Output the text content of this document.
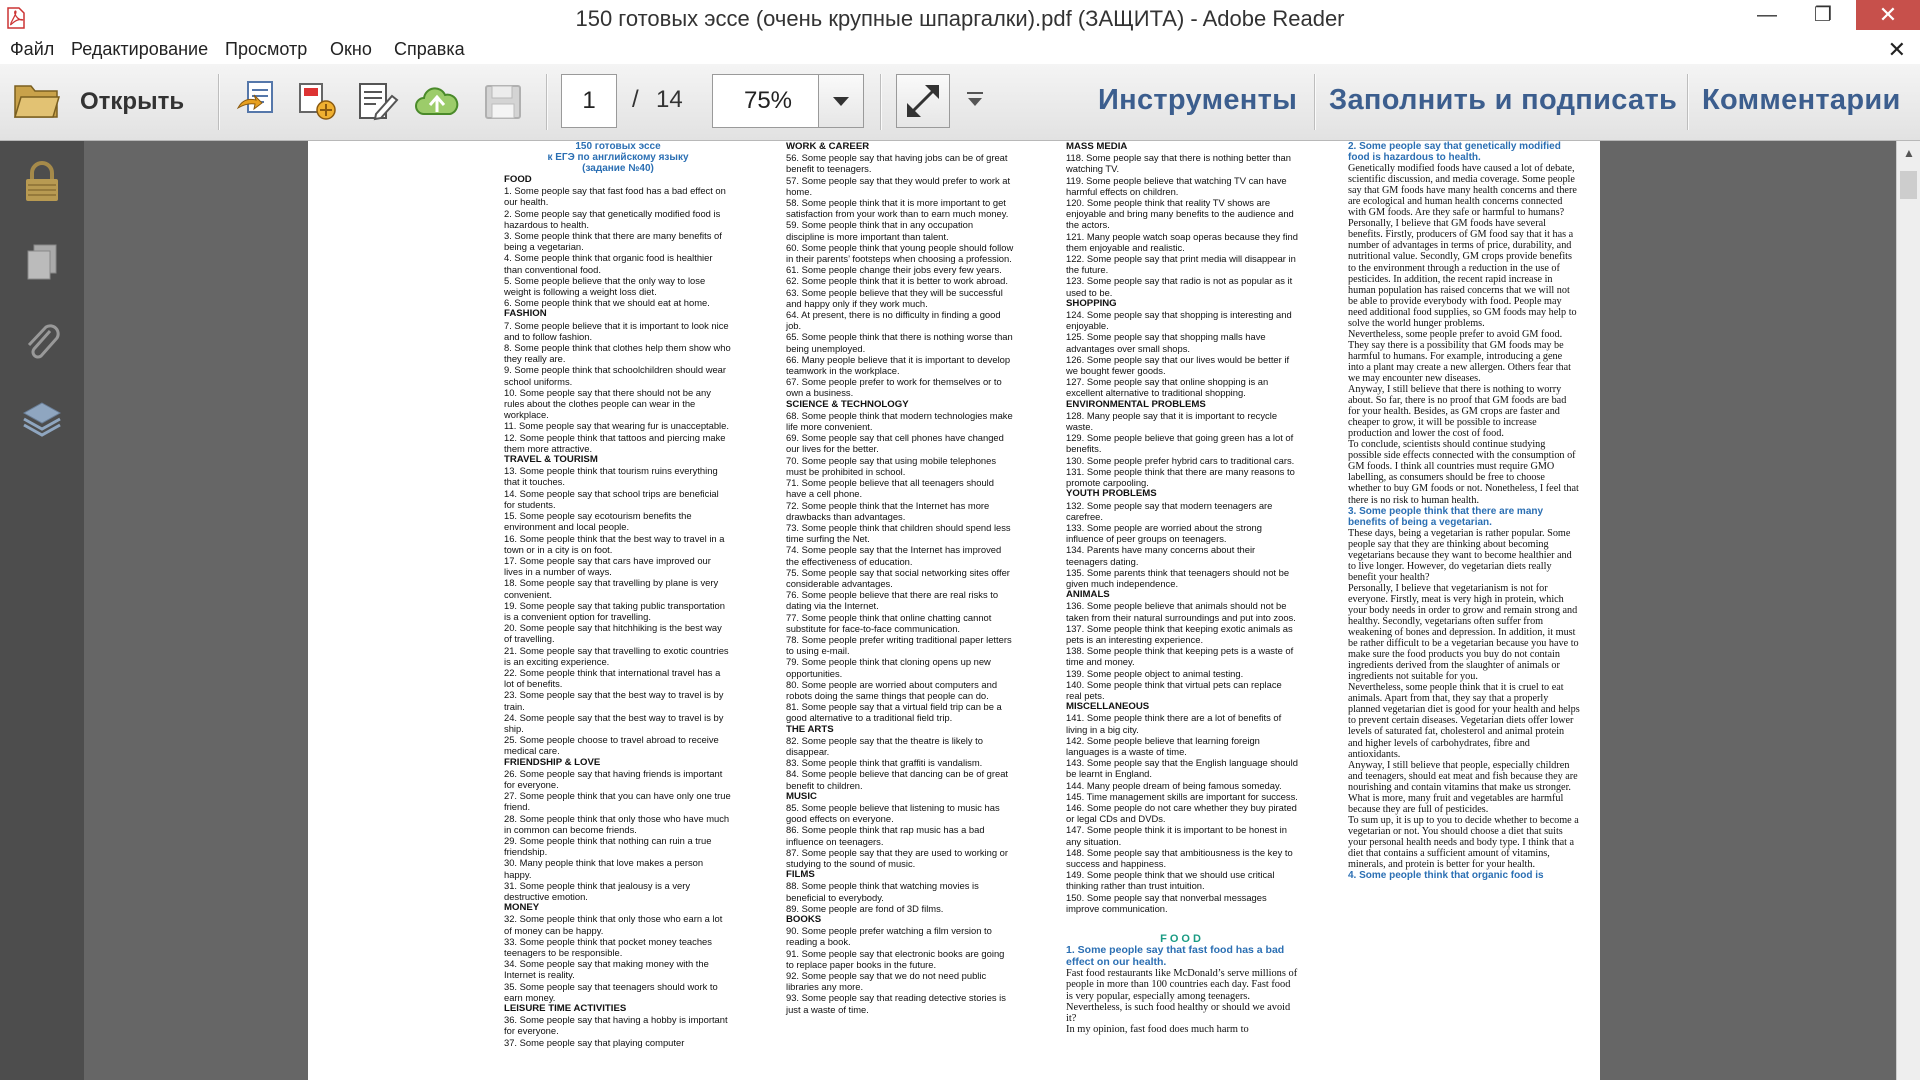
150 готовых эссе (очень крупные шпаргалки).pdf (ЗАЩИТА) - Adobe Reader	—	❐	✕
Файл Редактирование Просмотр Окно Справка	✕
Открыть	1	/ 14	75%	Инструменты Заполнить и подписать Комментарии
150 готовых эссе
к ЕГЭ по английскому языку
(задание №40)
FOOD
1. Some people say that fast food has a bad effect on our health.
2. Some people say that genetically modified food is hazardous to health.
3. Some people think that there are many benefits of being a vegetarian.
4. Some people think that organic food is healthier than conventional food.
5. Some people believe that the only way to lose weight is following a weight loss diet.
6. Some people think that we should eat at home.
FASHION
7. Some people believe that it is important to look nice and to follow fashion.
8. Some people think that clothes help them show who they really are.
9. Some people think that schoolchildren should wear school uniforms.
10. Some people say that there should not be any rules about the clothes people can wear in the workplace.
11. Some people say that wearing fur is unacceptable.
12. Some people think that tattoos and piercing make them more attractive.
TRAVEL & TOURISM
13. Some people think that tourism ruins everything that it touches.
14. Some people say that school trips are beneficial for students.
15. Some people say ecotourism benefits the environment and local people.
16. Some people think that the best way to travel in a town or in a city is on foot.
17. Some people say that cars have improved our lives in a number of ways.
18. Some people say that travelling by plane is very convenient.
19. Some people say that taking public transportation is a convenient option for travelling.
20. Some people say that hitchhiking is the best way of travelling.
21. Some people say that travelling to exotic countries is an exciting experience.
22. Some people think that international travel has a lot of benefits.
23. Some people say that the best way to travel is by train.
24. Some people say that the best way to travel is by ship.
25. Some people choose to travel abroad to receive medical care.
FRIENDSHIP & LOVE
26. Some people say that having friends is important for everyone.
27. Some people think that you can have only one true friend.
28. Some people think that only those who have much in common can become friends.
29. Some people think that nothing can ruin a true friendship.
30. Many people think that love makes a person happy.
31. Some people think that jealousy is a very destructive emotion.
MONEY
32. Some people think that only those who earn a lot of money can be happy.
33. Some people think that pocket money teaches teenagers to be responsible.
34. Some people say that making money with the Internet is reality.
35. Some people say that teenagers should work to earn money.
LEISURE TIME ACTIVITIES
36. Some people say that having a hobby is important for everyone.
37. Some people say that playing computer
WORK & CAREER
56. Some people say that having jobs can be of great benefit to teenagers.
57. Some people say that they would prefer to work at home.
58. Some people think that it is more important to get satisfaction from your work than to earn much money.
59. Some people think that in any occupation discipline is more important than talent.
60. Some people think that young people should follow in their parents’ footsteps when choosing a profession.
61. Some people change their jobs every few years.
62. Some people think that it is better to work abroad.
63. Some people believe that they will be successful and happy only if they work much.
64. At present, there is no difficulty in finding a good job.
65. Some people think that there is nothing worse than being unemployed.
66. Many people believe that it is important to develop teamwork in the workplace.
67. Some people prefer to work for themselves or to own a business.
SCIENCE & TECHNOLOGY
68. Some people think that modern technologies make life more convenient.
69. Some people say that cell phones have changed our lives for the better.
70. Some people say that using mobile telephones must be prohibited in school.
71. Some people believe that all teenagers should have a cell phone.
72. Some people think that the Internet has more drawbacks than advantages.
73. Some people think that children should spend less time surfing the Net.
74. Some people say that the Internet has improved the effectiveness of education.
75. Some people say that social networking sites offer considerable advantages.
76. Some people believe that there are real risks to dating via the Internet.
77. Some people think that online chatting cannot substitute for face-to-face communication.
78. Some people prefer writing traditional paper letters to using e-mail.
79. Some people think that cloning opens up new opportunities.
80. Some people are worried about computers and robots doing the same things that people can do.
81. Some people say that a virtual field trip can be a good alternative to a traditional field trip.
THE ARTS
82. Some people say that the theatre is likely to disappear.
83. Some people think that graffiti is vandalism.
84. Some people believe that dancing can be of great benefit to children.
MUSIC
85. Some people believe that listening to music has good effects on everyone.
86. Some people think that rap music has a bad influence on teenagers.
87. Some people say that they are used to working or studying to the sound of music.
FILMS
88. Some people think that watching movies is beneficial to everybody.
89. Some people are fond of 3D films.
BOOKS
90. Some people prefer watching a film version to reading a book.
91. Some people say that electronic books are going to replace paper books in the future.
92. Some people say that we do not need public libraries any more.
93. Some people say that reading detective stories is just a waste of time.
MASS MEDIA
118. Some people say that there is nothing better than watching TV.
119. Some people believe that watching TV can have harmful effects on children.
120. Some people think that reality TV shows are enjoyable and bring many benefits to the audience and the actors.
121. Many people watch soap operas because they find them enjoyable and realistic.
122. Some people say that print media will disappear in the future.
123. Some people say that radio is not as popular as it used to be.
SHOPPING
124. Some people say that shopping is interesting and enjoyable.
125. Some people say that shopping malls have advantages over small shops.
126. Some people say that our lives would be better if we bought fewer goods.
127. Some people say that online shopping is an excellent alternative to traditional shopping.
ENVIRONMENTAL PROBLEMS
128. Many people say that it is important to recycle waste.
129. Some people believe that going green has a lot of benefits.
130. Some people prefer hybrid cars to traditional cars.
131. Some people think that there are many reasons to promote carpooling.
YOUTH PROBLEMS
132. Some people say that modern teenagers are carefree.
133. Some people are worried about the strong influence of peer groups on teenagers.
134. Parents have many concerns about their teenagers dating.
135. Some parents think that teenagers should not be given much independence.
ANIMALS
136. Some people believe that animals should not be taken from their natural surroundings and put into zoos.
137. Some people think that keeping exotic animals as pets is an interesting experience.
138. Some people think that keeping pets is a waste of time and money.
139. Some people object to animal testing.
140. Some people think that virtual pets can replace real pets.
MISCELLANEOUS
141. Some people think there are a lot of benefits of living in a big city.
142. Some people believe that learning foreign languages is a waste of time.
143. Some people say that the English language should be learnt in England.
144. Many people dream of being famous someday.
145. Time management skills are important for success.
146. Some people do not care whether they buy pirated or legal CDs and DVDs.
147. Some people think it is important to be honest in any situation.
148. Some people say that ambitiousness is the key to success and happiness.
149. Some people think that we should use critical thinking rather than trust intuition.
150. Some people say that nonverbal messages improve communication.
FOOD
1. Some people say that fast food has a bad effect on our health.
Fast food restaurants like McDonald’s serve millions of people in more than 100 countries each day. Fast food is very popular, especially among teenagers. Nevertheless, is such food healthy or should we avoid it?
In my opinion, fast food does much harm to
2. Some people say that genetically modified food is hazardous to health.
Genetically modified foods have caused a lot of debate, scientific discussion, and media coverage. Some people say that GM foods have many health concerns and there are ecological and human health concerns connected with GM foods. Are they safe or harmful to humans?
Personally, I believe that GM foods have several benefits. Firstly, producers of GM food say that it has a number of advantages in terms of price, durability, and nutritional value. Secondly, GM crops provide benefits to the environment through a reduction in the use of pesticides. In addition, the recent rapid increase in human population has raised concerns that we will not be able to provide everybody with food. People may need additional food supplies, so GM foods may help to solve the world hunger problems.
Nevertheless, some people prefer to avoid GM food. They say there is a possibility that GM foods may be harmful to humans. For example, introducing a gene into a plant may create a new allergen. Others fear that we may encounter new diseases.
Anyway, I still believe that there is nothing to worry about. So far, there is no proof that GM foods are bad for your health. Besides, as GM crops are faster and cheaper to grow, it will be possible to increase production and lower the cost of food.
To conclude, scientists should continue studying possible side effects connected with the consumption of GM foods. I think all countries must require GMO labelling, as consumers should be free to choose whether to buy GM foods or not. Nonetheless, I feel that there is no risk to human health.
3. Some people think that there are many benefits of being a vegetarian.
These days, being a vegetarian is rather popular. Some people say that they are thinking about becoming vegetarians because they want to become healthier and to live longer. However, do vegetarian diets really benefit your health?
Personally, I believe that vegetarianism is not for everyone. Firstly, meat is very high in protein, which your body needs in order to grow and remain strong and healthy. Secondly, vegetarians often suffer from weakening of bones and depression. In addition, it must be rather difficult to be a vegetarian because you have to make sure the food products you buy do not contain ingredients derived from the slaughter of animals or ingredients not suitable for you.
Nevertheless, some people think that it is cruel to eat animals. Apart from that, they say that a properly planned vegetarian diet is good for your health and helps to prevent certain diseases. Vegetarian diets offer lower levels of saturated fat, cholesterol and animal protein and higher levels of carbohydrates, fibre and antioxidants.
Anyway, I still believe that people, especially children and teenagers, should eat meat and fish because they are nourishing and contain vitamins that make us stronger. What is more, many fruit and vegetables are harmful because they are full of pesticides.
To sum up, it is up to you to decide whether to become a vegetarian or not. You should choose a diet that suits your personal health needs and body type. I think that a diet that contains a sufficient amount of vitamins, minerals, and protein is better for your health.
4. Some people think that organic food is
▲
